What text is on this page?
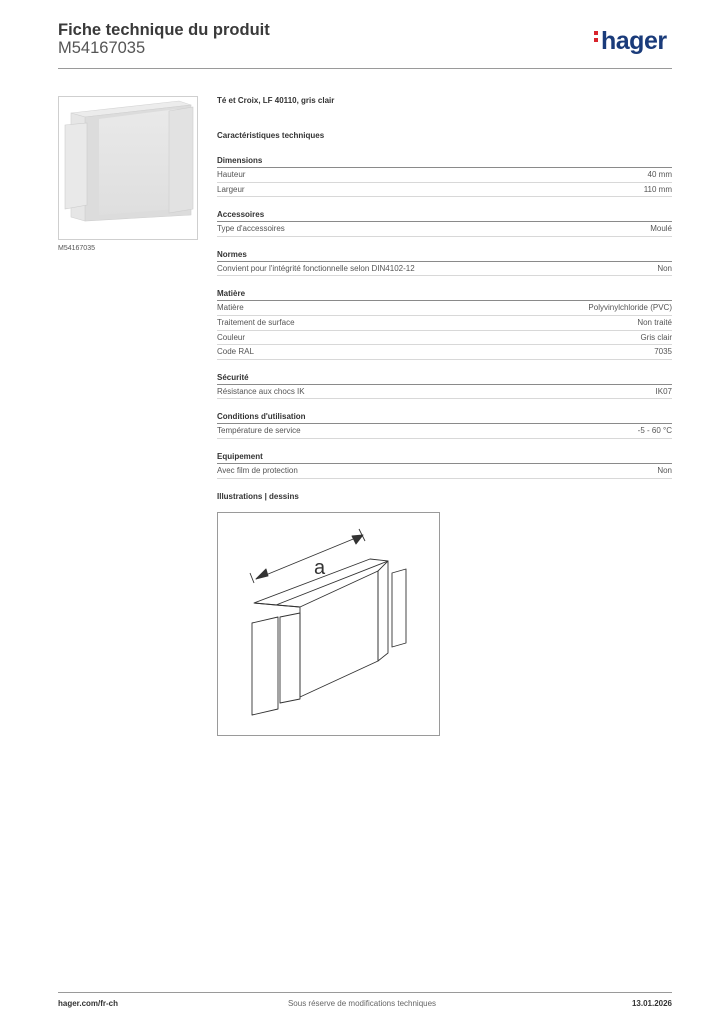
Fiche technique du produit
M54167035	hager
M54167035
Té et Croix, LF 40110, gris clair
Caractéristiques techniques
Dimensions
Hauteur	40 mm
Largeur	110 mm
Accessoires
Type d'accessoires	Moulé
Normes
Convient pour l'intégrité fonctionnelle selon DIN4102-12	Non
Matière
Matière	Polyvinylchloride (PVC)
Traitement de surface	Non traité
Couleur	Gris clair
Code RAL	7035
Sécurité
Résistance aux chocs IK	IK07
Conditions d'utilisation
Température de service	-5 - 60 °C
Equipement
Avec film de protection	Non
Illustrations | dessins
a
hager.com/fr-ch	Sous réserve de modifications techniques	13.01.2026
